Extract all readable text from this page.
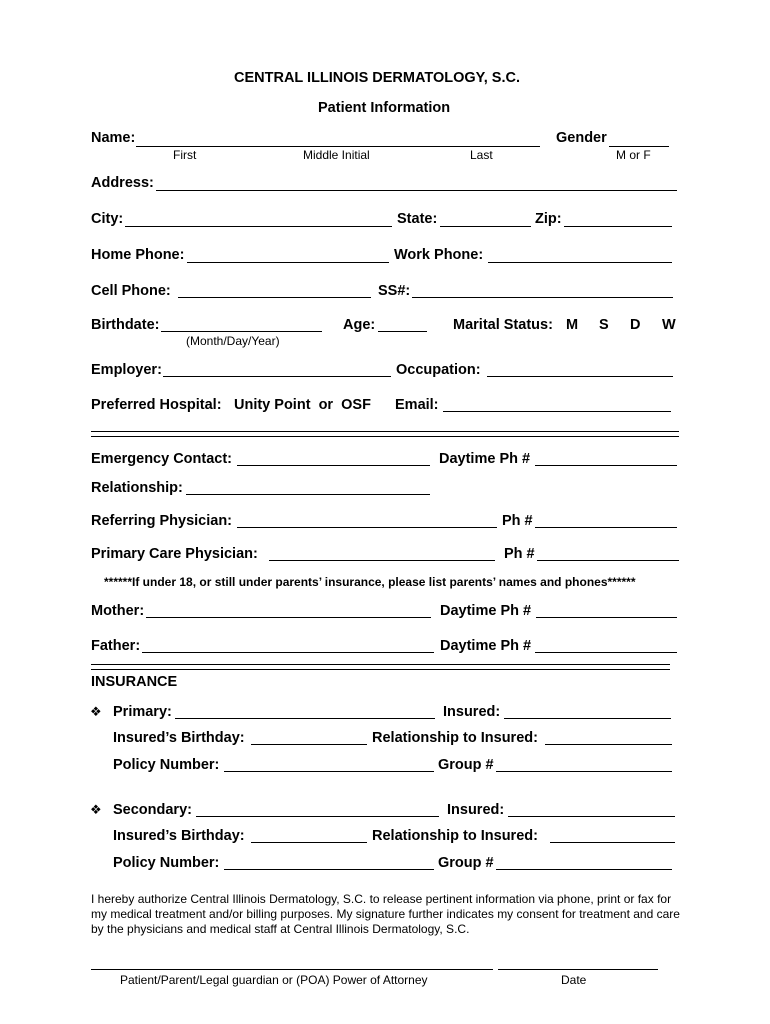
CENTRAL ILLINOIS DERMATOLOGY, S.C.
Patient Information
Name:	Gender
First	Middle Initial	Last	M or F
Address:
City:	State:	Zip:
Home Phone:	Work Phone:
Cell Phone:	SS#:
Birthdate:
(Month/Day/Year)
Age:	Marital Status: M S D W
Employer:	Occupation:
Preferred Hospital: Unity Point  or  OSF Email:
Emergency Contact:	Daytime Ph #
Relationship:
Referring Physician:	Ph #
Primary Care Physician:	Ph #
******If under 18, or still under parents’ insurance, please list parents’ names and phones******
Mother:	Daytime Ph #
Father:	Daytime Ph #
INSURANCE
❖ Primary:	Insured:
Insured’s Birthday:	Relationship to Insured:
Policy Number:	Group #
❖ Secondary:	Insured:
Insured’s Birthday:	Relationship to Insured:
Policy Number:	Group #
I hereby authorize Central Illinois Dermatology, S.C. to release pertinent information via phone, print or fax for my medical treatment and/or billing purposes. My signature further indicates my consent for treatment and care by the physicians and medical staff at Central Illinois Dermatology, S.C.
Patient/Parent/Legal guardian or (POA) Power of Attorney	Date
